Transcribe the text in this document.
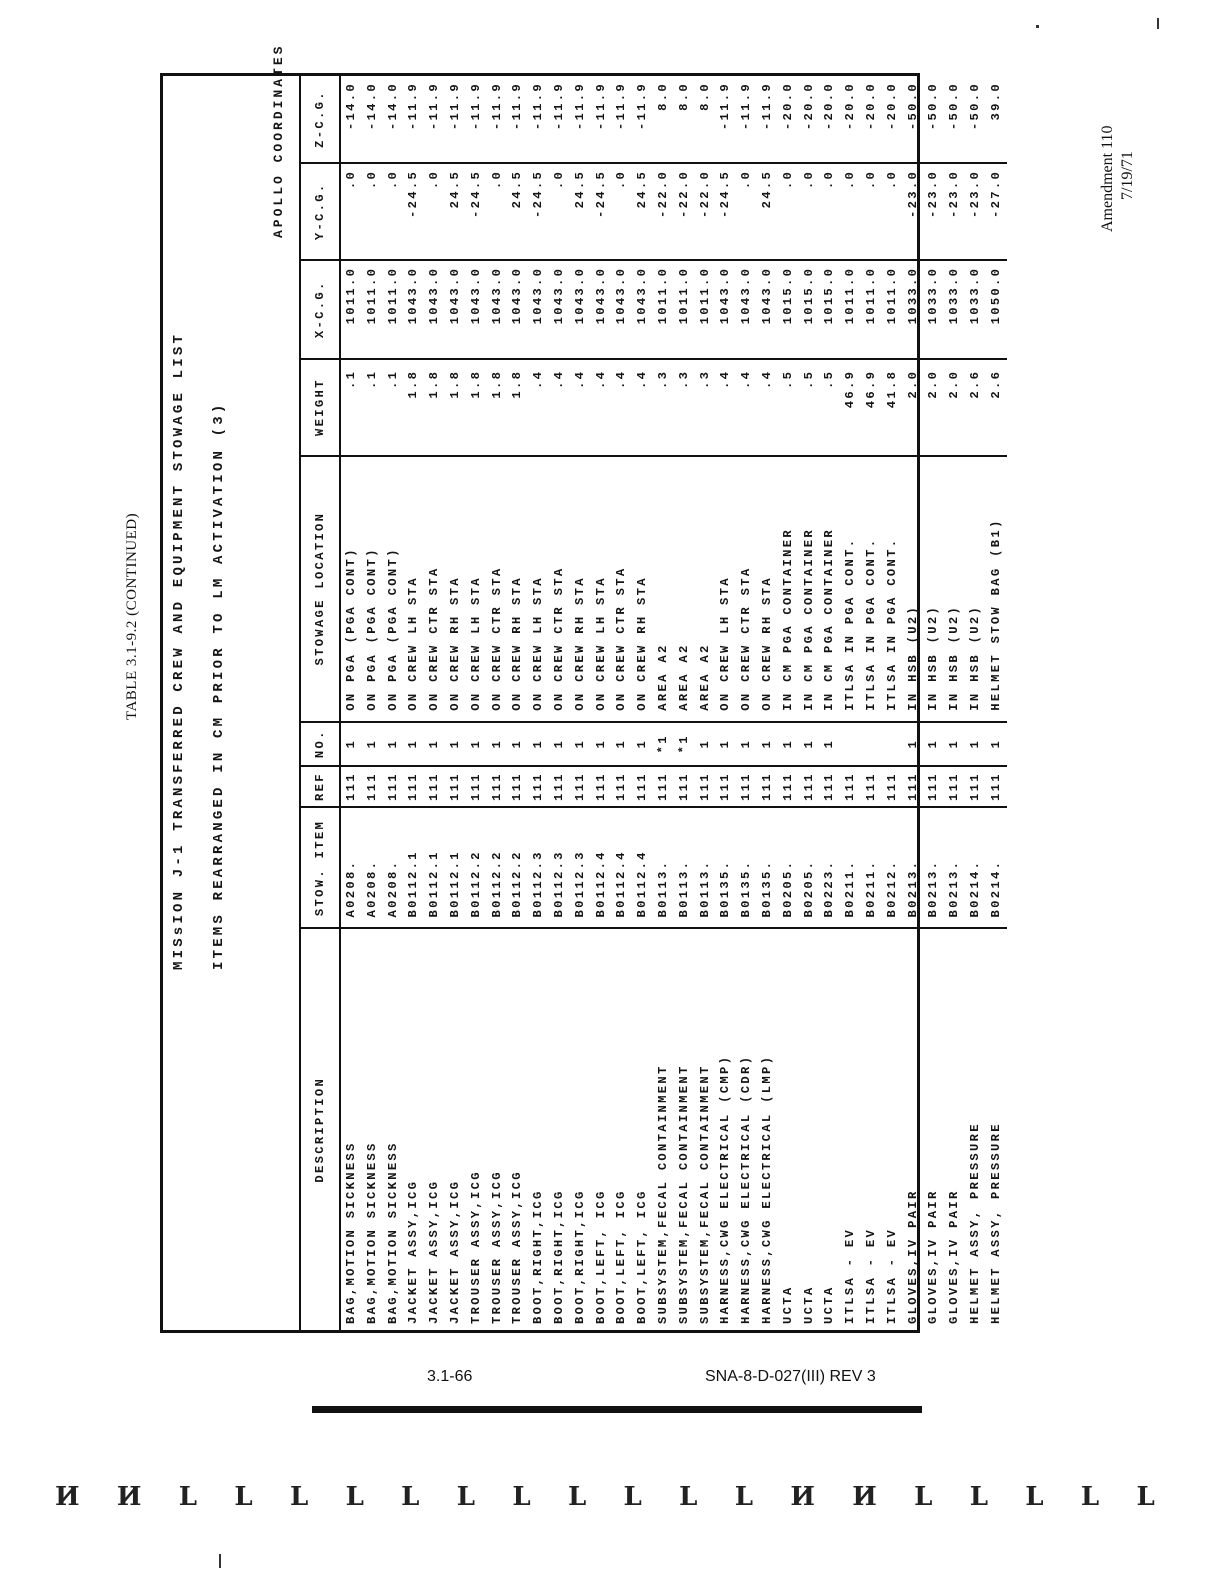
Amendment 110 7/19/71
TABLE 3.1-9.2 (CONTINUED) MISsION J-1 TRANSFERRED CREW AND EQUIPMENT STOWAGE LIST ITEMS REARRANGED IN CM PRIOR TO LM ACTIVATION (3)
APOLLO COORDINATES
DESCRIPTION	STOW. ITEM	REF	NO.	STOWAGE LOCATION	WEIGHT	X-C.G.	Y-C.G.	Z-C.G.
BAG,MOTION SICKNESS	A0208.	111	1	ON PGA (PGA CONT)	.1	1011.0	.0	-14.0
BAG,MOTION SICKNESS	A0208.	111	1	ON PGA (PGA CONT)	.1	1011.0	.0	-14.0
BAG,MOTION SICKNESS	A0208.	111	1	ON PGA (PGA CONT)	.1	1011.0	.0	-14.0
JACKET ASSY,ICG	B0112.1	111	1	ON CREW LH STA	1.8	1043.0	-24.5	-11.9
JACKET ASSY,ICG	B0112.1	111	1	ON CREW CTR STA	1.8	1043.0	.0	-11.9
JACKET ASSY,ICG	B0112.1	111	1	ON CREW RH STA	1.8	1043.0	24.5	-11.9
TROUSER ASSY,ICG	B0112.2	111	1	ON CREW LH STA	1.8	1043.0	-24.5	-11.9
TROUSER ASSY,ICG	B0112.2	111	1	ON CREW CTR STA	1.8	1043.0	.0	-11.9
TROUSER ASSY,ICG	B0112.2	111	1	ON CREW RH STA	1.8	1043.0	24.5	-11.9
BOOT,RIGHT,ICG	B0112.3	111	1	ON CREW LH STA	.4	1043.0	-24.5	-11.9
BOOT,RIGHT,ICG	B0112.3	111	1	ON CREW CTR STA	.4	1043.0	.0	-11.9
BOOT,RIGHT,ICG	B0112.3	111	1	ON CREW RH STA	.4	1043.0	24.5	-11.9
BOOT,LEFT, ICG	B0112.4	111	1	ON CREW LH STA	.4	1043.0	-24.5	-11.9
BOOT,LEFT, ICG	B0112.4	111	1	ON CREW CTR STA	.4	1043.0	.0	-11.9
BOOT,LEFT, ICG	B0112.4	111	1	ON CREW RH STA	.4	1043.0	24.5	-11.9
SUBSYSTEM,FECAL CONTAINMENT	B0113.	111	*1	AREA A2	.3	1011.0	-22.0	8.0
SUBSYSTEM,FECAL CONTAINMENT	B0113.	111	*1	AREA A2	.3	1011.0	-22.0	8.0
SUBSYSTEM,FECAL CONTAINMENT	B0113.	111	1	AREA A2	.3	1011.0	-22.0	8.0
HARNESS,CWG ELECTRICAL (CMP)	B0135.	111	1	ON CREW LH STA	.4	1043.0	-24.5	-11.9
HARNESS,CWG ELECTRICAL (CDR)	B0135.	111	1	ON CREW CTR STA	.4	1043.0	.0	-11.9
HARNESS,CWG ELECTRICAL (LMP)	B0135.	111	1	ON CREW RH STA	.4	1043.0	24.5	-11.9
UCTA	B0205.	111	1	IN CM PGA CONTAINER	.5	1015.0	.0	-20.0
UCTA	B0205.	111	1	IN CM PGA CONTAINER	.5	1015.0	.0	-20.0
UCTA	B0223.	111	1	IN CM PGA CONTAINER	.5	1015.0	.0	-20.0
ITLSA - EV	B0211.	111		ITLSA IN PGA CONT.	46.9	1011.0	.0	-20.0
ITLSA - EV	B0211.	111		ITLSA IN PGA CONT.	46.9	1011.0	.0	-20.0
ITLSA - EV	B0212.	111		ITLSA IN PGA CONT.	41.8	1011.0	.0	-20.0
GLOVES,IV PAIR	B0213.	111	1	IN HSB (U2)	2.0	1033.0	-23.0	-50.0
GLOVES,IV PAIR	B0213.	111	1	IN HSB (U2)	2.0	1033.0	-23.0	-50.0
GLOVES,IV PAIR	B0213.	111	1	IN HSB (U2)	2.0	1033.0	-23.0	-50.0
HELMET ASSY, PRESSURE	B0214.	111	1	IN HSB (U2)	2.6	1033.0	-23.0	-50.0
HELMET ASSY, PRESSURE	B0214.	111	1	HELMET STOW BAG (B1)	2.6	1050.0	-27.0	39.0
3.1-66	SNA-8-D-027(III) REV 3
И И L L L L L L L L L L L И И L L L L L
